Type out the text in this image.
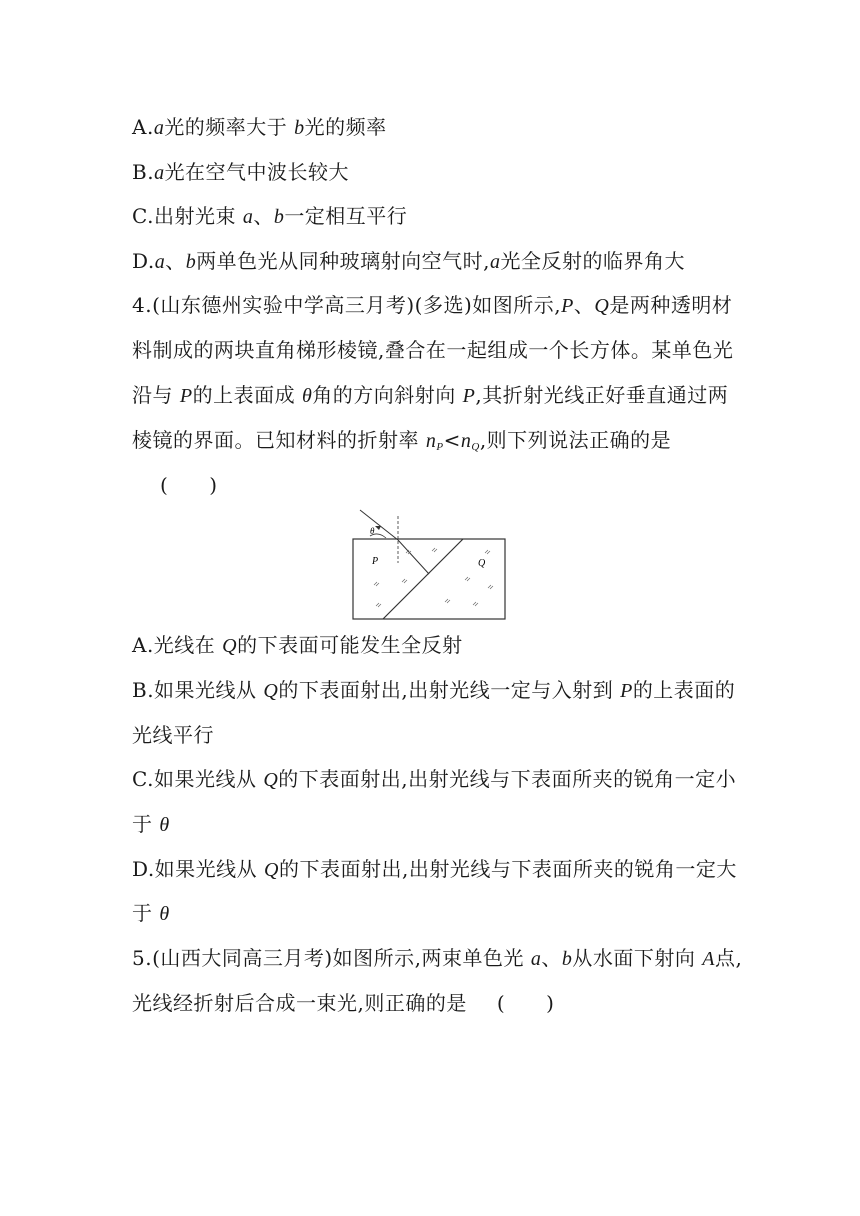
A.a光的频率大于 b光的频率
B.a光在空气中波长较大
C.出射光束 a、b一定相互平行
D.a、b两单色光从同种玻璃射向空气时,a光全反射的临界角大
4.(山东德州实验中学高三月考)(多选)如图所示,P、Q是两种透明材
料制成的两块直角梯形棱镜,叠合在一起组成一个长方体。某单色光
沿与 P的上表面成 θ角的方向斜射向 P,其折射光线正好垂直通过两
棱镜的界面。已知材料的折射率 $n_P<n_Q$,则下列说法正确的是
(　　)
θ
P	Q
A.光线在 Q的下表面可能发生全反射
B.如果光线从 Q的下表面射出,出射光线一定与入射到 P的上表面的
光线平行
C.如果光线从 Q的下表面射出,出射光线与下表面所夹的锐角一定小
于 θ
D.如果光线从 Q的下表面射出,出射光线与下表面所夹的锐角一定大
于 θ
5.(山西大同高三月考)如图所示,两束单色光 a、b从水面下射向 A点,
光线经折射后合成一束光,则正确的是 (　　)
